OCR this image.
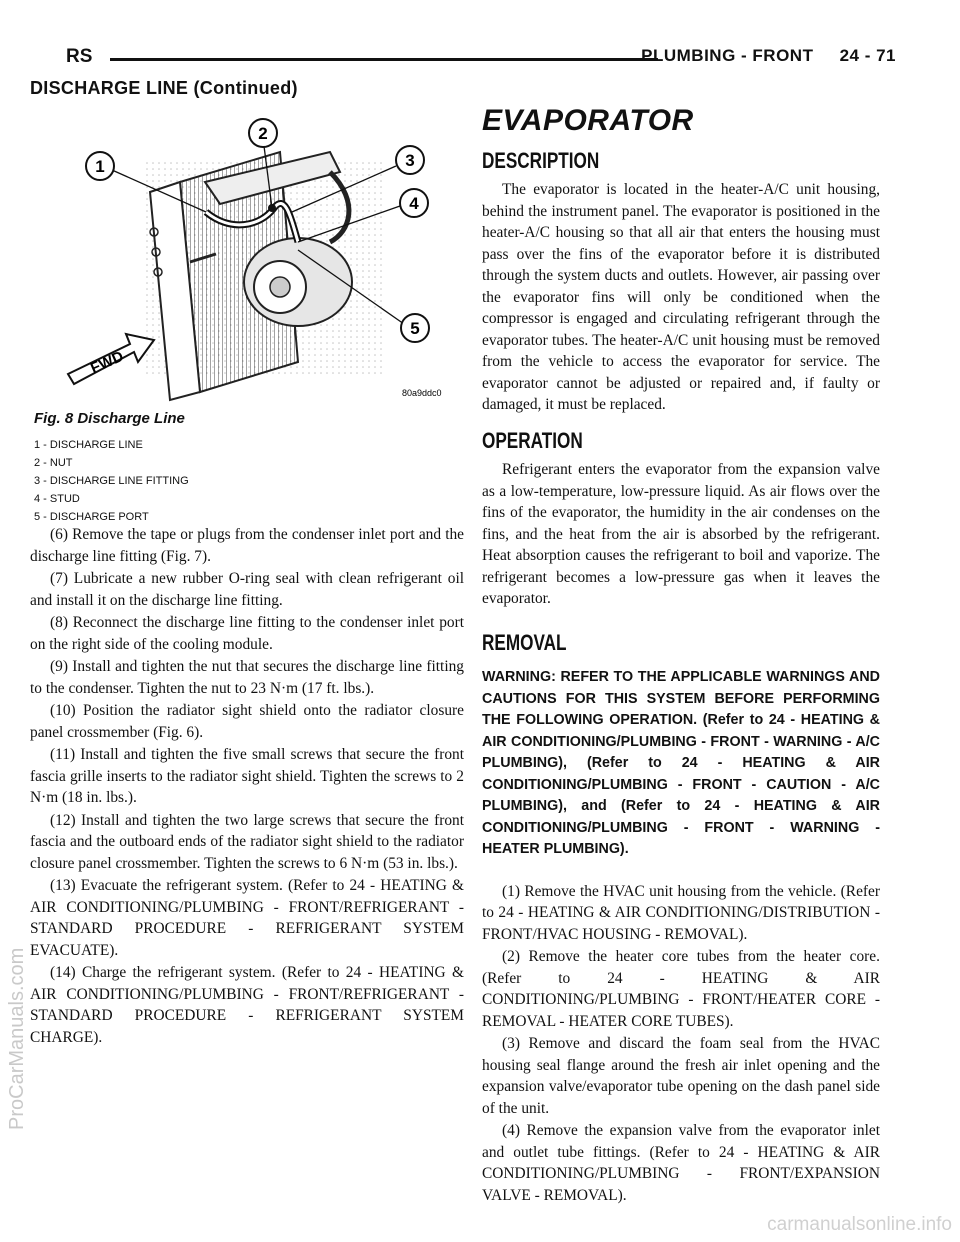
RS	PLUMBING - FRONT     24 - 71
DISCHARGE LINE (Continued)
FWD
1
2
3
4
5
80a9ddc0
Fig. 8 Discharge Line
1 - DISCHARGE LINE
2 - NUT
3 - DISCHARGE LINE FITTING
4 - STUD
5 - DISCHARGE PORT

(6) Remove the tape or plugs from the condenser inlet port and the discharge line fitting (Fig. 7).

(7) Lubricate a new rubber O-ring seal with clean refrigerant oil and install it on the discharge line fitting.

(8) Reconnect the discharge line fitting to the condenser inlet port on the right side of the cooling module.

(9) Install and tighten the nut that secures the discharge line fitting to the condenser. Tighten the nut to 23 N·m (17 ft. lbs.).

(10) Position the radiator sight shield onto the radiator closure panel crossmember (Fig. 6).

(11) Install and tighten the five small screws that secure the front fascia grille inserts to the radiator sight shield. Tighten the screws to 2 N·m (18 in. lbs.).

(12) Install and tighten the two large screws that secure the front fascia and the outboard ends of the radiator sight shield to the radiator closure panel crossmember. Tighten the screws to 6 N·m (53 in. lbs.).

(13) Evacuate the refrigerant system. (Refer to 24 - HEATING & AIR CONDITIONING/PLUMBING - FRONT/REFRIGERANT - STANDARD PROCEDURE - REFRIGERANT SYSTEM EVACUATE).

(14) Charge the refrigerant system. (Refer to 24 - HEATING & AIR CONDITIONING/PLUMBING - FRONT/REFRIGERANT - STANDARD PROCEDURE - REFRIGERANT SYSTEM CHARGE).

EVAPORATOR
DESCRIPTION

The evaporator is located in the heater-A/C unit housing, behind the instrument panel. The evaporator is positioned in the heater-A/C housing so that all air that enters the housing must pass over the fins of the evaporator before it is distributed through the system ducts and outlets. However, air passing over the evaporator fins will only be conditioned when the compressor is engaged and circulating refrigerant through the evaporator tubes. The heater-A/C unit housing must be removed from the vehicle to access the evaporator for service. The evaporator cannot be adjusted or repaired and, if faulty or damaged, it must be replaced.

OPERATION

Refrigerant enters the evaporator from the expansion valve as a low-temperature, low-pressure liquid. As air flows over the fins of the evaporator, the humidity in the air condenses on the fins, and the heat from the air is absorbed by the refrigerant. Heat absorption causes the refrigerant to boil and vaporize. The refrigerant becomes a low-pressure gas when it leaves the evaporator.

REMOVAL
WARNING: REFER TO THE APPLICABLE WARNINGS AND CAUTIONS FOR THIS SYSTEM BEFORE PERFORMING THE FOLLOWING OPERATION. (Refer to 24 - HEATING & AIR CONDITIONING/PLUMBING - FRONT - WARNING - A/C PLUMBING), (Refer to 24 - HEATING & AIR CONDITIONING/PLUMBING - FRONT - CAUTION - A/C PLUMBING), and (Refer to 24 - HEATING & AIR CONDITIONING/PLUMBING - FRONT - WARNING - HEATER PLUMBING).

(1) Remove the HVAC unit housing from the vehicle. (Refer to 24 - HEATING & AIR CONDITIONING/DISTRIBUTION - FRONT/HVAC HOUSING - REMOVAL).

(2) Remove the heater core tubes from the heater core. (Refer to 24 - HEATING & AIR CONDITIONING/PLUMBING - FRONT/HEATER CORE - REMOVAL - HEATER CORE TUBES).

(3) Remove and discard the foam seal from the HVAC housing seal flange around the fresh air inlet opening and the expansion valve/evaporator tube opening on the dash panel side of the unit.

(4) Remove the expansion valve from the evaporator inlet and outlet tube fittings. (Refer to 24 - HEATING & AIR CONDITIONING/PLUMBING - FRONT/EXPANSION VALVE - REMOVAL).

ProCarManuals.com
carmanualsonline.info
